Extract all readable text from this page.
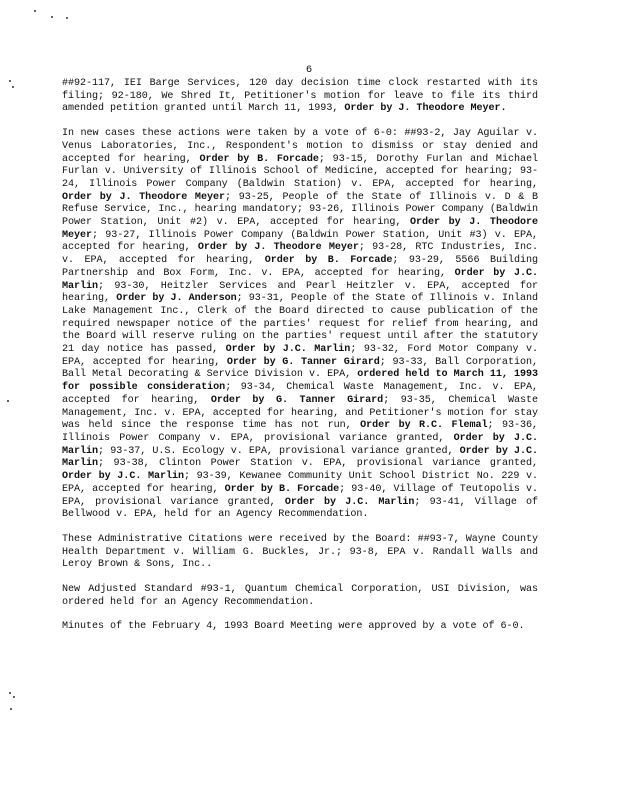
6

##92-117, IEI Barge Services, 120 day decision time clock restarted with its filing; 92-180, We Shred It, Petitioner's motion for leave to file its third amended petition granted until March 11, 1993, Order by J. Theodore Meyer.

In new cases these actions were taken by a vote of 6-0: ##93-2, Jay Aguilar v. Venus Laboratories, Inc., Respondent's motion to dismiss or stay denied and accepted for hearing, Order by B. Forcade; 93-15, Dorothy Furlan and Michael Furlan v. University of Illinois School of Medicine, accepted for hearing; 93-24, Illinois Power Company (Baldwin Station) v. EPA, accepted for hearing, Order by J. Theodore Meyer; 93-25, People of the State of Illinois v. D & B Refuse Service, Inc., hearing mandatory; 93-26, Illinois Power Company (Baldwin Power Station, Unit #2) v. EPA, accepted for hearing, Order by J. Theodore Meyer; 93-27, Illinois Power Company (Baldwin Power Station, Unit #3) v. EPA, accepted for hearing, Order by J. Theodore Meyer; 93-28, RTC Industries, Inc. v. EPA, accepted for hearing, Order by B. Forcade; 93-29, 5566 Building Partnership and Box Form, Inc. v. EPA, accepted for hearing, Order by J.C. Marlin; 93-30, Heitzler Services and Pearl Heitzler v. EPA, accepted for hearing, Order by J. Anderson; 93-31, People of the State of Illinois v. Inland Lake Management Inc., Clerk of the Board directed to cause publication of the required newspaper notice of the parties' request for relief from hearing, and the Board will reserve ruling on the parties' request until after the statutory 21 day notice has passed, Order by J.C. Marlin; 93-32, Ford Motor Company v. EPA, accepted for hearing, Order by G. Tanner Girard; 93-33, Ball Corporation, Ball Metal Decorating & Service Division v. EPA, ordered held to March 11, 1993 for possible consideration; 93-34, Chemical Waste Management, Inc. v. EPA, accepted for hearing, Order by G. Tanner Girard; 93-35, Chemical Waste Management, Inc. v. EPA, accepted for hearing, and Petitioner's motion for stay was held since the response time has not run, Order by R.C. Flemal; 93-36, Illinois Power Company v. EPA, provisional variance granted, Order by J.C. Marlin; 93-37, U.S. Ecology v. EPA, provisional variance granted, Order by J.C. Marlin; 93-38, Clinton Power Station v. EPA, provisional variance granted, Order by J.C. Marlin; 93-39, Kewanee Community Unit School District No. 229 v. EPA, accepted for hearing, Order by B. Forcade; 93-40, Village of Teutopolis v. EPA, provisional variance granted, Order by J.C. Marlin; 93-41, Village of Bellwood v. EPA, held for an Agency Recommendation.

These Administrative Citations were received by the Board: ##93-7, Wayne County Health Department v. William G. Buckles, Jr.; 93-8, EPA v. Randall Walls and Leroy Brown & Sons, Inc..

New Adjusted Standard #93-1, Quantum Chemical Corporation, USI Division, was ordered held for an Agency Recommendation.

Minutes of the February 4, 1993 Board Meeting were approved by a vote of 6-0.
